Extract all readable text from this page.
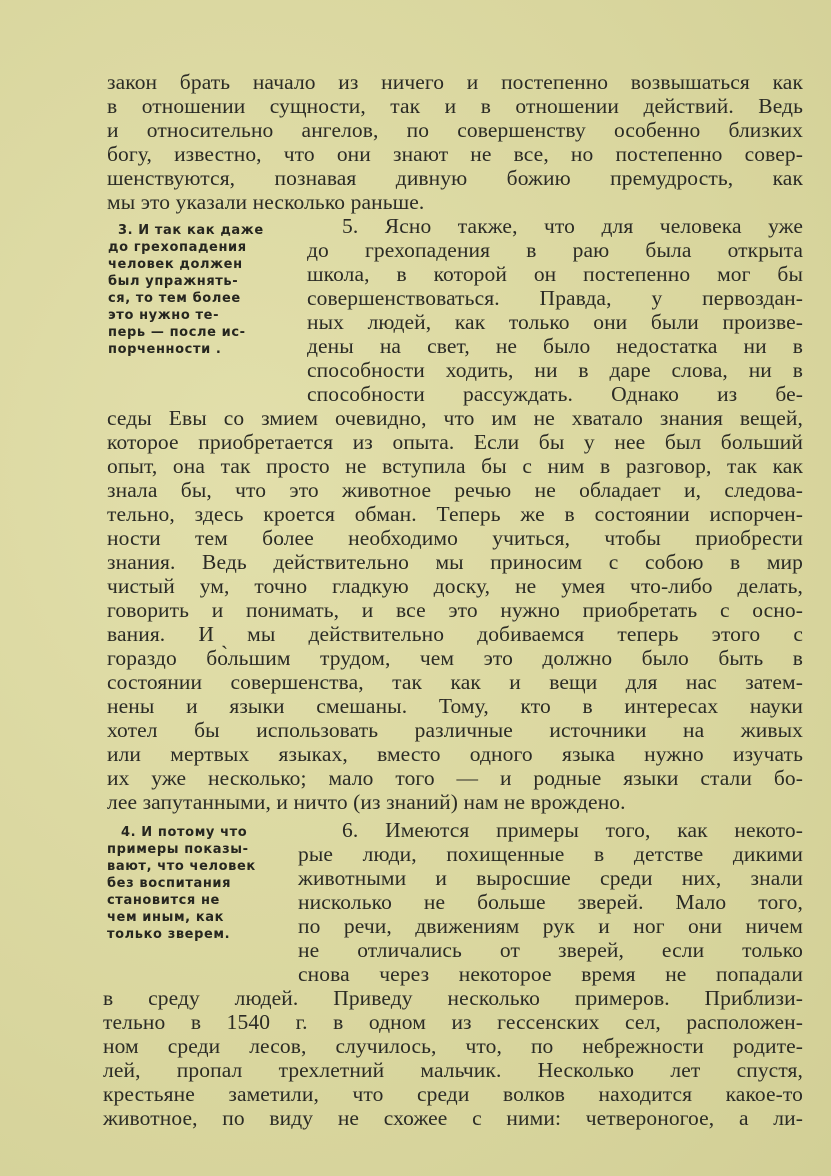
закон брать начало из ничего и постепенно возвышаться как
в отношении сущности, так и в отношении действий. Ведь
и относительно ангелов, по совершенству особенно близких
богу, известно, что они знают не все, но постепенно совер-
шенствуются, познавая дивную божию премудрость, как
мы это указали несколько раньше.
3. И так как даже
до грехопадения
человек должен
был упражнять-
ся, то тем более
это нужно те-
перь — после ис-
порченности .
5. Ясно также, что для человека уже
до грехопадения в раю была открыта
школа, в которой он постепенно мог бы
совершенствоваться. Правда, у первоздан-
ных людей, как только они были произве-
дены на свет, не было недостатка ни в
способности ходить, ни в даре слова, ни в
способности рассуждать. Однако из бе-
седы Евы со змием очевидно, что им не хватало знания вещей,
которое приобретается из опыта. Если бы у нее был больший
опыт, она так просто не вступила бы с ним в разговор, так как
знала бы, что это животное речью не обладает и, следова-
тельно, здесь кроется обман. Теперь же в состоянии испорчен-
ности тем более необходимо учиться, чтобы приобрести
знания. Ведь действительно мы приносим с собою в мир
чистый ум, точно гладкую доску, не умея что-либо делать,
говорить и понимать, и все это нужно приобретать с осно-
вания. И мы действительно добиваемся теперь этого с
гораздо бо̀льшим трудом, чем это должно было быть в
состоянии совершенства, так как и вещи для нас затем-
нены и языки смешаны. Тому, кто в интересах науки
хотел бы использовать различные источники на живых
или мертвых языках, вместо одного языка нужно изучать
их уже несколько; мало того — и родные языки стали бо-
лее запутанными, и ничто (из знаний) нам не врождено.
4. И потому что
примеры показы-
вают, что человек
без воспитания
становится не
чем иным, как
только зверем.
6. Имеются примеры того, как некото-
рые люди, похищенные в детстве дикими
животными и выросшие среди них, знали
нисколько не больше зверей. Мало того,
по речи, движениям рук и ног они ничем
не отличались от зверей, если только
снова через некоторое время не попадали
в среду людей. Приведу несколько примеров. Приблизи-
тельно в 1540 г. в одном из гессенских сел, расположен-
ном среди лесов, случилось, что, по небрежности родите-
лей, пропал трехлетний мальчик. Несколько лет спустя,
крестьяне заметили, что среди волков находится какое-то
животное, по виду не схожее с ними: четвероногое, а ли-
